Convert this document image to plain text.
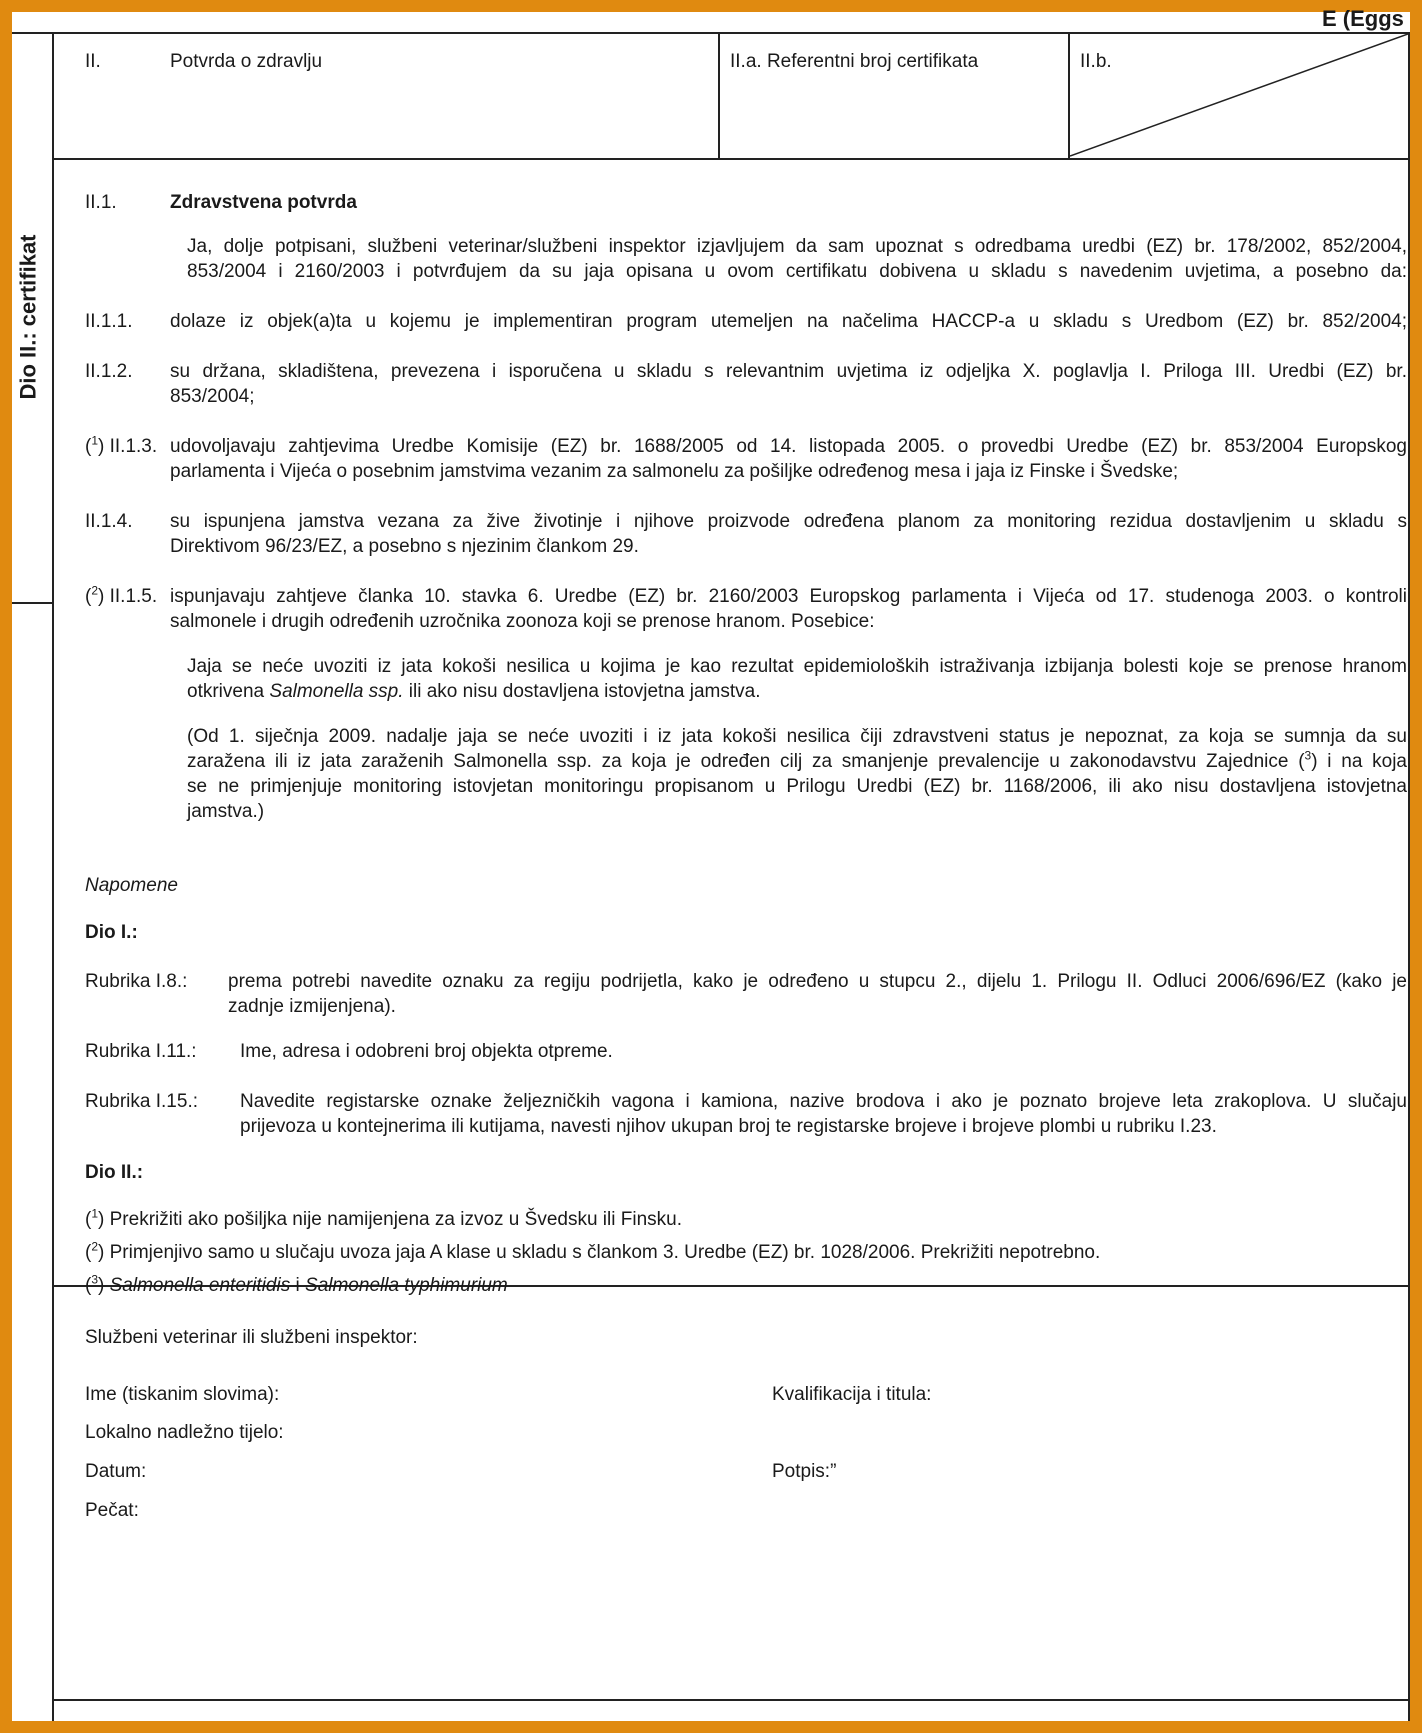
E (Eggs
Dio II.: certifikat
II.	Potvrda o zdravlju	II.a. Referentni broj certifikata	II.b.
II.1.	Zdravstvena potvrda
Ja, dolje potpisani, službeni veterinar/službeni inspektor izjavljujem da sam upoznat s odredbama uredbi (EZ) br. 178/2002, 852/2004,
853/2004 i 2160/2003 i potvrđujem da su jaja opisana u ovom certifikatu dobivena u skladu s navedenim uvjetima, a posebno da:
II.1.1. dolaze iz objek(a)ta u kojemu je implementiran program utemeljen na načelima HACCP-a u skladu s Uredbom (EZ) br. 852/2004;
II.1.2. su držana, skladištena, prevezena i isporučena u skladu s relevantnim uvjetima iz odjeljka X. poglavlja I. Priloga III. Uredbi (EZ) br.
853/2004;
($^1$) II.1.3. udovoljavaju zahtjevima Uredbe Komisije (EZ) br. 1688/2005 od 14. listopada 2005. o provedbi Uredbe (EZ) br. 853/2004 Europskog
parlamenta i Vijeća o posebnim jamstvima vezanim za salmonelu za pošiljke određenog mesa i jaja iz Finske i Švedske;
II.1.4. su ispunjena jamstva vezana za žive životinje i njihove proizvode određena planom za monitoring rezidua dostavljenim u skladu s
Direktivom 96/23/EZ, a posebno s njezinim člankom 29.
($^2$) II.1.5. ispunjavaju zahtjeve članka 10. stavka 6. Uredbe (EZ) br. 2160/2003 Europskog parlamenta i Vijeća od 17. studenoga 2003. o kontroli
salmonele i drugih određenih uzročnika zoonoza koji se prenose hranom. Posebice:
Jaja se neće uvoziti iz jata kokoši nesilica u kojima je kao rezultat epidemioloških istraživanja izbijanja bolesti koje se prenose hranom
otkrivena Salmonella ssp. ili ako nisu dostavljena istovjetna jamstva.
(Od 1. siječnja 2009. nadalje jaja se neće uvoziti i iz jata kokoši nesilica čiji zdravstveni status je nepoznat, za koja se sumnja da su
zaražena ili iz jata zaraženih Salmonella ssp. za koja je određen cilj za smanjenje prevalencije u zakonodavstvu Zajednice ($^3$) i na koja
se ne primjenjuje monitoring istovjetan monitoringu propisanom u Prilogu Uredbi (EZ) br. 1168/2006, ili ako nisu dostavljena istovjetna
jamstva.)
Napomene
Dio I.:
Rubrika I.8.: prema potrebi navedite oznaku za regiju podrijetla, kako je određeno u stupcu 2., dijelu 1. Prilogu II. Odluci 2006/696/EZ (kako je
zadnje izmijenjena).
Rubrika I.11.: Ime, adresa i odobreni broj objekta otpreme.
Rubrika I.15.: Navedite registarske oznake željezničkih vagona i kamiona, nazive brodova i ako je poznato brojeve leta zrakoplova. U slučaju
prijevoza u kontejnerima ili kutijama, navesti njihov ukupan broj te registarske brojeve i brojeve plombi u rubriku I.23.
Dio II.:
($^1$) Prekrižiti ako pošiljka nije namijenjena za izvoz u Švedsku ili Finsku.
($^2$) Primjenjivo samo u slučaju uvoza jaja A klase u skladu s člankom 3. Uredbe (EZ) br. 1028/2006. Prekrižiti nepotrebno.
($^3$) Salmonella enteritidis i Salmonella typhimurium
Službeni veterinar ili službeni inspektor:
Ime (tiskanim slovima):	Kvalifikacija i titula:
Lokalno nadležno tijelo:
Datum:	Potpis:”
Pečat:
